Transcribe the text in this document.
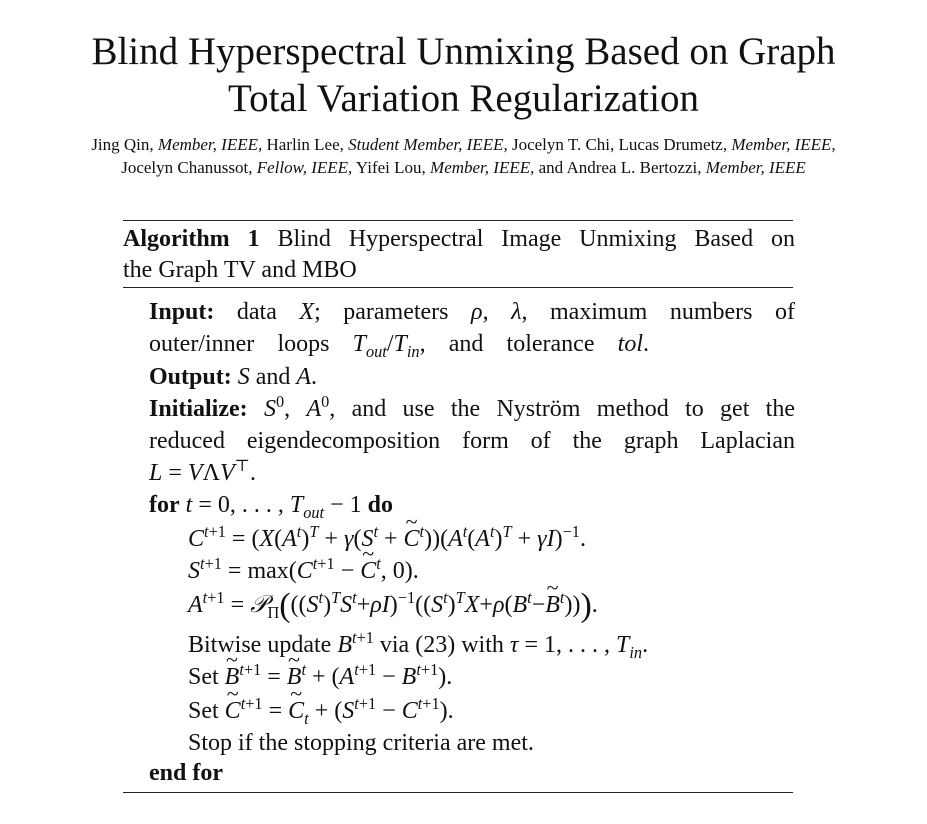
Blind Hyperspectral Unmixing Based on Graph
Total Variation Regularization
Jing Qin, Member, IEEE, Harlin Lee, Student Member, IEEE, Jocelyn T. Chi, Lucas Drumetz, Member, IEEE,
Jocelyn Chanussot, Fellow, IEEE, Yifei Lou, Member, IEEE, and Andrea L. Bertozzi, Member, IEEE
Algorithm 1 Blind Hyperspectral Image Unmixing Based on
the Graph TV and MBO
Input: data X; parameters ρ, λ, maximum numbers of
outer/inner loops $T_{out}/T_{in}$, and tolerance tol.
Output: S and A.
Initialize: $S^0$, $A^0$, and use the Nyström method to get the
reduced eigendecomposition form of the graph Laplacian
L = VΛV⊤.
for t = 0, . . . , $T_{out} - 1$ do
$C^{t+1} = (X(A^t)^T + \gamma(S^t$ + ~ $C^t))(A^t(A^t)^T + \gamma I)^{-1}$.
$S^{t+1} = \max(C^{t+1}$ − ~ $C^t$, 0).
$A^{t+1}$ = $𝒫_\Pi(((S^t)^TS^t+\rho I)^{-1}((S^t)^TX+\rho(B^t-\sim$ $B^t$))).
Bitwise update $B^{t+1}$ via (23) with τ = 1, . . . , $T_{in}$.
Set ~ $B^{t+1}$ = ~ $B^t + (A^{t+1} - B^{t+1})$.
Set ~ $C^{t+1}$ = ~ $C_t + (S^{t+1} - C^{t+1})$.
Stop if the stopping criteria are met.
end for
